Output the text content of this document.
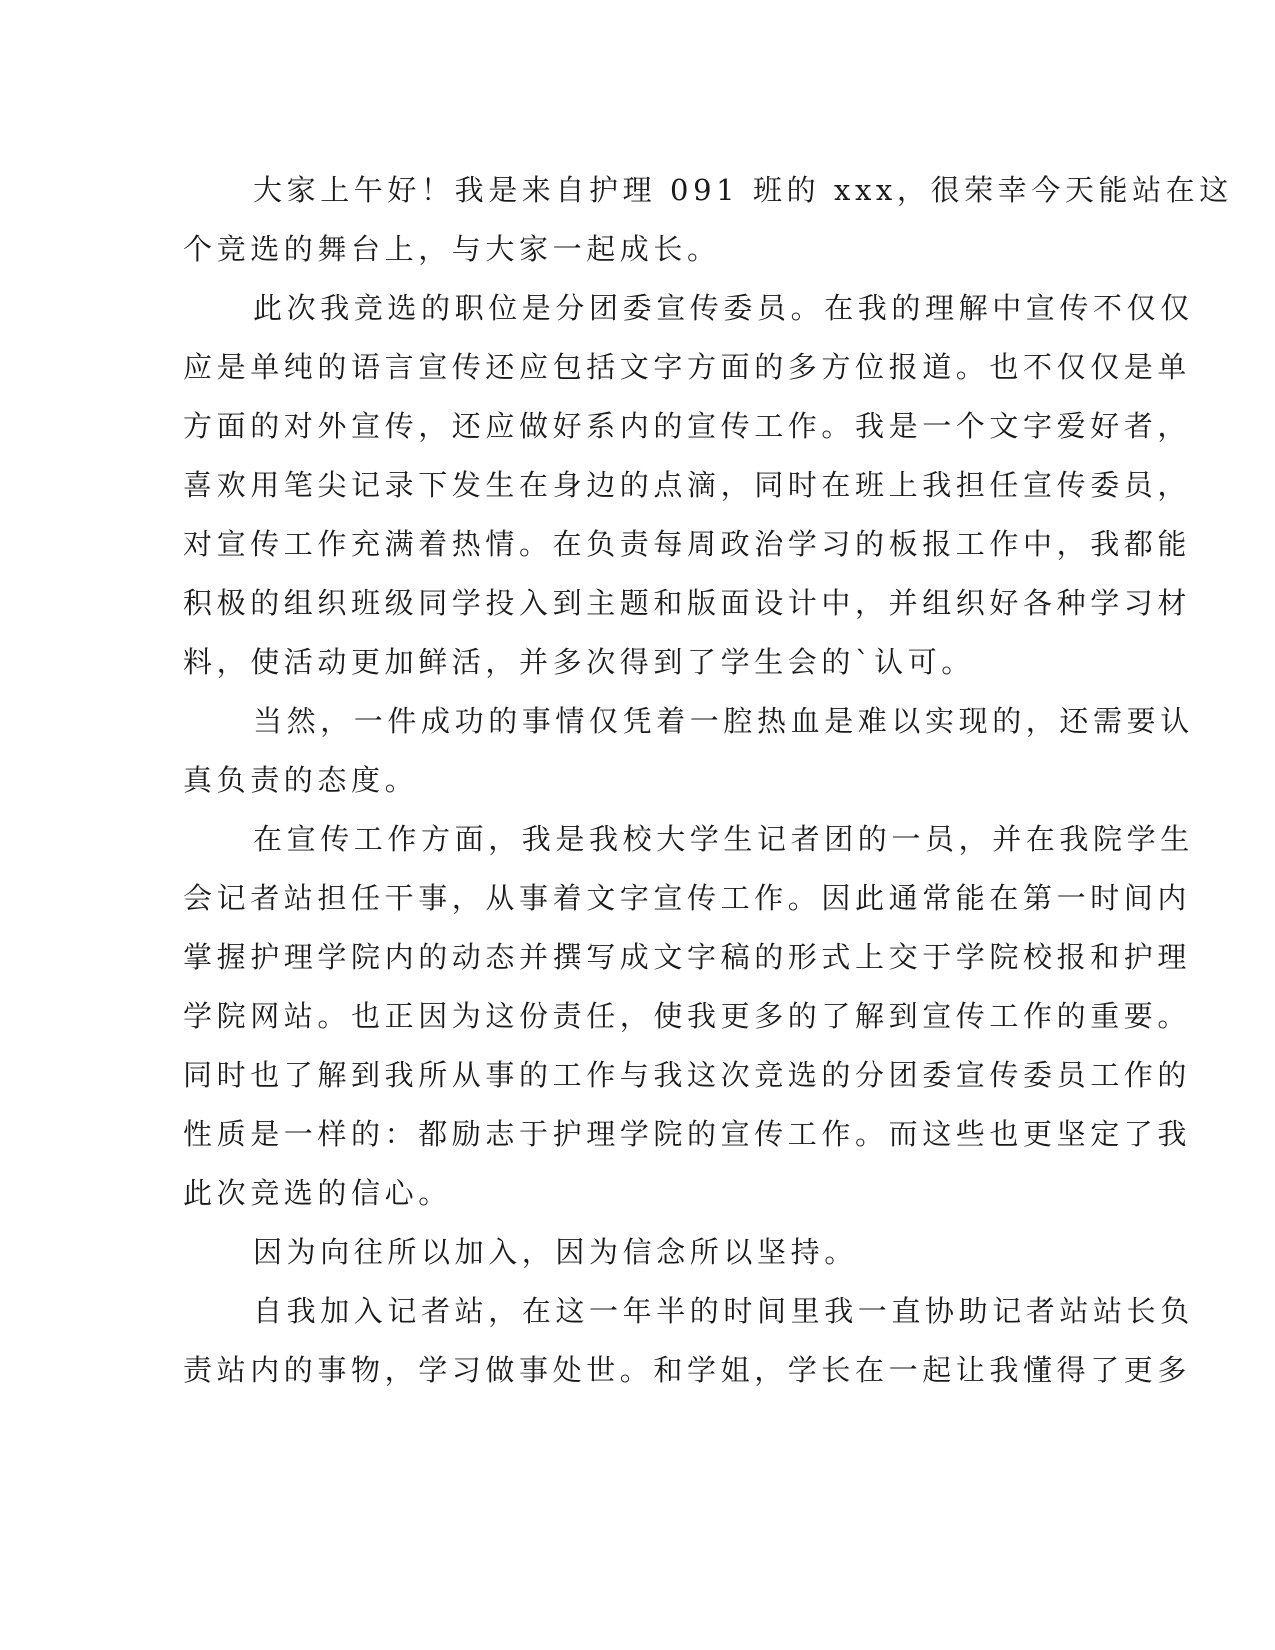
大家上午好！我是来自护理 091 班的 xxx，很荣幸今天能站在这
个竞选的舞台上，与大家一起成长。
此次我竞选的职位是分团委宣传委员。在我的理解中宣传不仅仅
应是单纯的语言宣传还应包括文字方面的多方位报道。也不仅仅是单
方面的对外宣传，还应做好系内的宣传工作。我是一个文字爱好者，
喜欢用笔尖记录下发生在身边的点滴，同时在班上我担任宣传委员，
对宣传工作充满着热情。在负责每周政治学习的板报工作中，我都能
积极的组织班级同学投入到主题和版面设计中，并组织好各种学习材
料，使活动更加鲜活，并多次得到了学生会的`认可。
当然，一件成功的事情仅凭着一腔热血是难以实现的，还需要认
真负责的态度。
在宣传工作方面，我是我校大学生记者团的一员，并在我院学生
会记者站担任干事，从事着文字宣传工作。因此通常能在第一时间内
掌握护理学院内的动态并撰写成文字稿的形式上交于学院校报和护理
学院网站。也正因为这份责任，使我更多的了解到宣传工作的重要。
同时也了解到我所从事的工作与我这次竞选的分团委宣传委员工作的
性质是一样的：都励志于护理学院的宣传工作。而这些也更坚定了我
此次竞选的信心。
因为向往所以加入，因为信念所以坚持。
自我加入记者站，在这一年半的时间里我一直协助记者站站长负
责站内的事物，学习做事处世。和学姐，学长在一起让我懂得了更多
